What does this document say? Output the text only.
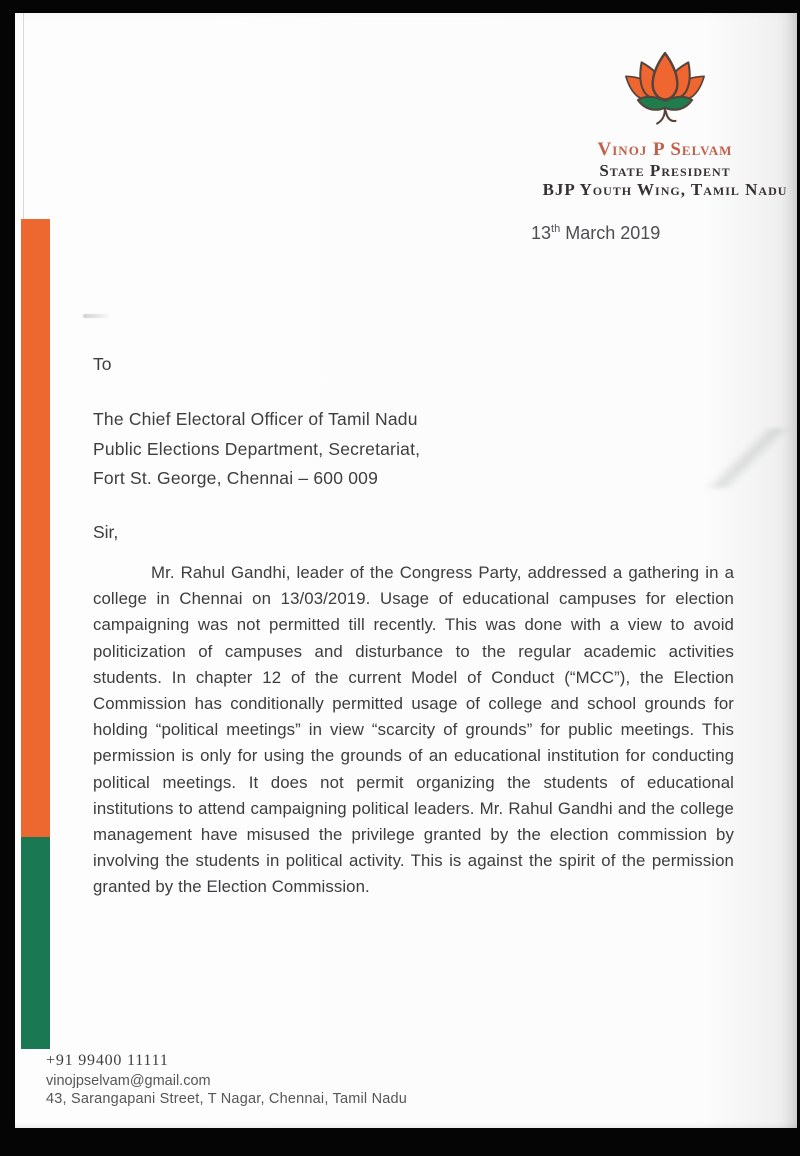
Vinoj P Selvam
State President
BJP Youth Wing, Tamil Nadu
13th March 2019
To
The Chief Electoral Officer of Tamil Nadu
Public Elections Department, Secretariat,
Fort St. George, Chennai – 600 009
Sir,

Mr. Rahul Gandhi, leader of the Congress Party, addressed a gathering in a college in Chennai on 13/03/2019. Usage of educational campuses for election campaigning was not permitted till recently. This was done with a view to avoid politicization of campuses and disturbance to the regular academic activities students. In chapter 12 of the current Model of Conduct (“MCC”), the Election Commission has conditionally permitted usage of college and school grounds for holding “political meetings” in view “scarcity of grounds” for public meetings. This permission is only for using the grounds of an educational institution for conducting political meetings. It does not permit organizing the students of educational institutions to attend campaigning political leaders. Mr. Rahul Gandhi and the college management have misused the privilege granted by the election commission by involving the students in political activity. This is against the spirit of the permission granted by the Election Commission.

+91 99400 11111
vinojpselvam@gmail.com
43, Sarangapani Street, T Nagar, Chennai, Tamil Nadu
